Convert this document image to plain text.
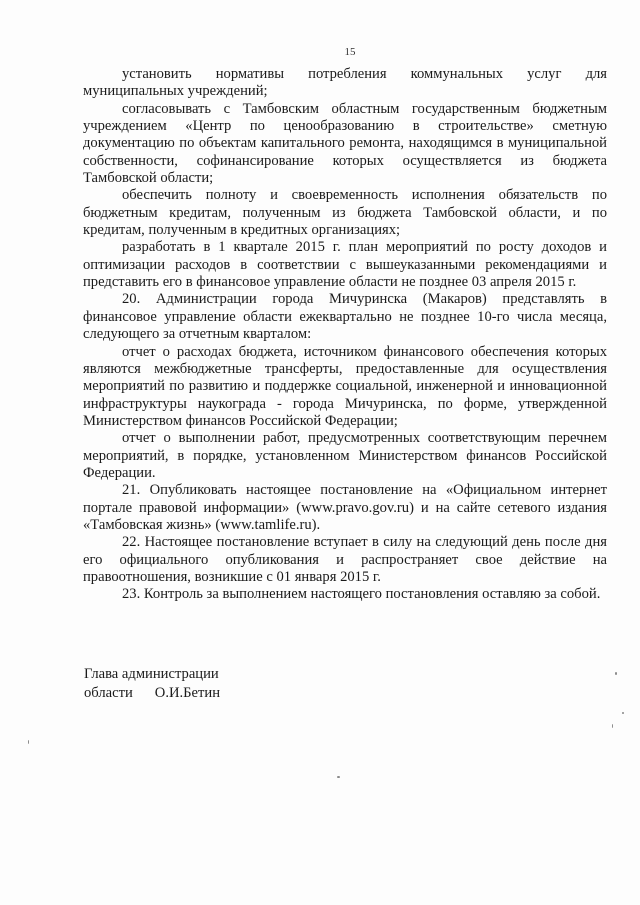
15

установить нормативы потребления коммунальных услуг для муниципальных учреждений;

согласовывать с Тамбовским областным государственным бюджетным учреждением «Центр по ценообразованию в строительстве» сметную документацию по объектам капитального ремонта, находящимся в муниципальной собственности, софинансирование которых осуществляется из бюджета Тамбовской области;

обеспечить полноту и своевременность исполнения обязательств по бюджетным кредитам, полученным из бюджета Тамбовской области, и по кредитам, полученным в кредитных организациях;

разработать в 1 квартале 2015 г. план мероприятий по росту доходов и оптимизации расходов в соответствии с вышеуказанными рекомендациями и представить его в финансовое управление области не позднее 03 апреля 2015 г.

20. Администрации города Мичуринска (Макаров) представлять в финансовое управление области ежеквартально не позднее 10-го числа месяца, следующего за отчетным кварталом:

отчет о расходах бюджета, источником финансового обеспечения которых являются межбюджетные трансферты, предоставленные для осуществления мероприятий по развитию и поддержке социальной, инженерной и инновационной инфраструктуры наукограда - города Мичуринска, по форме, утвержденной Министерством финансов Российской Федерации;

отчет о выполнении работ, предусмотренных соответствующим перечнем мероприятий, в порядке, установленном Министерством финансов Российской Федерации.

21. Опубликовать настоящее постановление на «Официальном интернет портале правовой информации» (www.pravo.gov.ru) и на сайте сетевого издания «Тамбовская жизнь» (www.tamlife.ru).

22. Настоящее постановление вступает в силу на следующий день после дня его официального опубликования и распространяет свое действие на правоотношения, возникшие с 01 января 2015 г.

23. Контроль за выполнением настоящего постановления оставляю за собой.

Глава администрации

области О.И.Бетин
